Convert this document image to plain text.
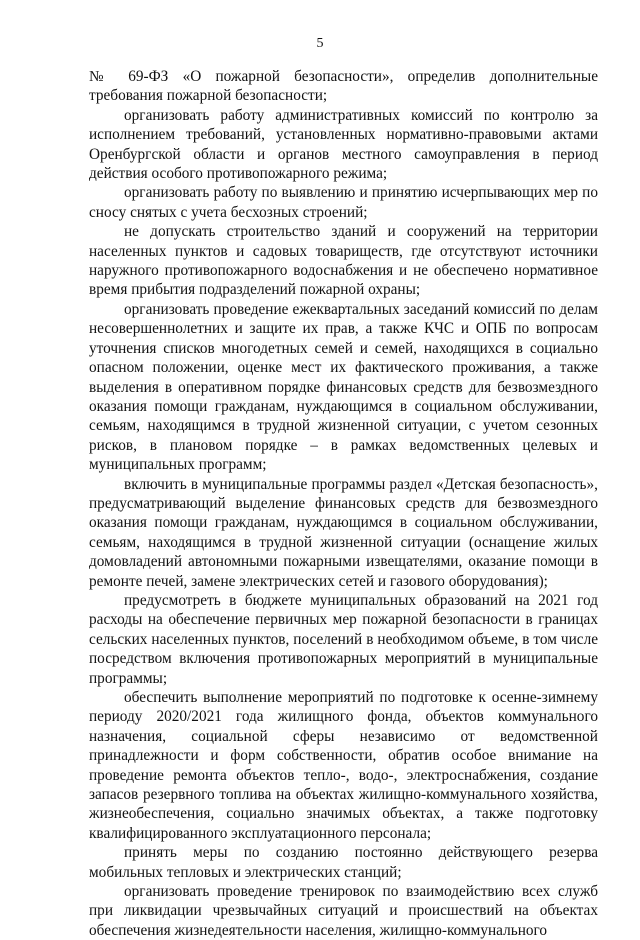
5

№ 69-ФЗ «О пожарной безопасности», определив дополнительные требования пожарной безопасности;

организовать работу административных комиссий по контролю за исполнением требований, установленных нормативно-правовыми актами Оренбургской области и органов местного самоуправления в период действия особого противопожарного режима;

организовать работу по выявлению и принятию исчерпывающих мер по сносу снятых с учета бесхозных строений;

не допускать строительство зданий и сооружений на территории населенных пунктов и садовых товариществ, где отсутствуют источники наружного противопожарного водоснабжения и не обеспечено нормативное время прибытия подразделений пожарной охраны;

организовать проведение ежеквартальных заседаний комиссий по делам несовершеннолетних и защите их прав, а также КЧС и ОПБ по вопросам уточнения списков многодетных семей и семей, находящихся в социально опасном положении, оценке мест их фактического проживания, а также выделения в оперативном порядке финансовых средств для безвозмездного оказания помощи гражданам, нуждающимся в социальном обслуживании, семьям, находящимся в трудной жизненной ситуации, с учетом сезонных рисков, в плановом порядке – в рамках ведомственных целевых и муниципальных программ;

включить в муниципальные программы раздел «Детская безопасность», предусматривающий выделение финансовых средств для безвозмездного оказания помощи гражданам, нуждающимся в социальном обслуживании, семьям, находящимся в трудной жизненной ситуации (оснащение жилых домовладений автономными пожарными извещателями, оказание помощи в ремонте печей, замене электрических сетей и газового оборудования);

предусмотреть в бюджете муниципальных образований на 2021 год расходы на обеспечение первичных мер пожарной безопасности в границах сельских населенных пунктов, поселений в необходимом объеме, в том числе посредством включения противопожарных мероприятий в муниципальные программы;

обеспечить выполнение мероприятий по подготовке к осенне-зимнему периоду 2020/2021 года жилищного фонда, объектов коммунального назначения, социальной сферы независимо от ведомственной принадлежности и форм собственности, обратив особое внимание на проведение ремонта объектов тепло-, водо-, электроснабжения, создание запасов резервного топлива на объектах жилищно-коммунального хозяйства, жизнеобеспечения, социально значимых объектах, а также подготовку квалифицированного эксплуатационного персонала;

принять меры по созданию постоянно действующего резерва мобильных тепловых и электрических станций;

организовать проведение тренировок по взаимодействию всех служб при ликвидации чрезвычайных ситуаций и происшествий на объектах обеспечения жизнедеятельности населения, жилищно-коммунального
